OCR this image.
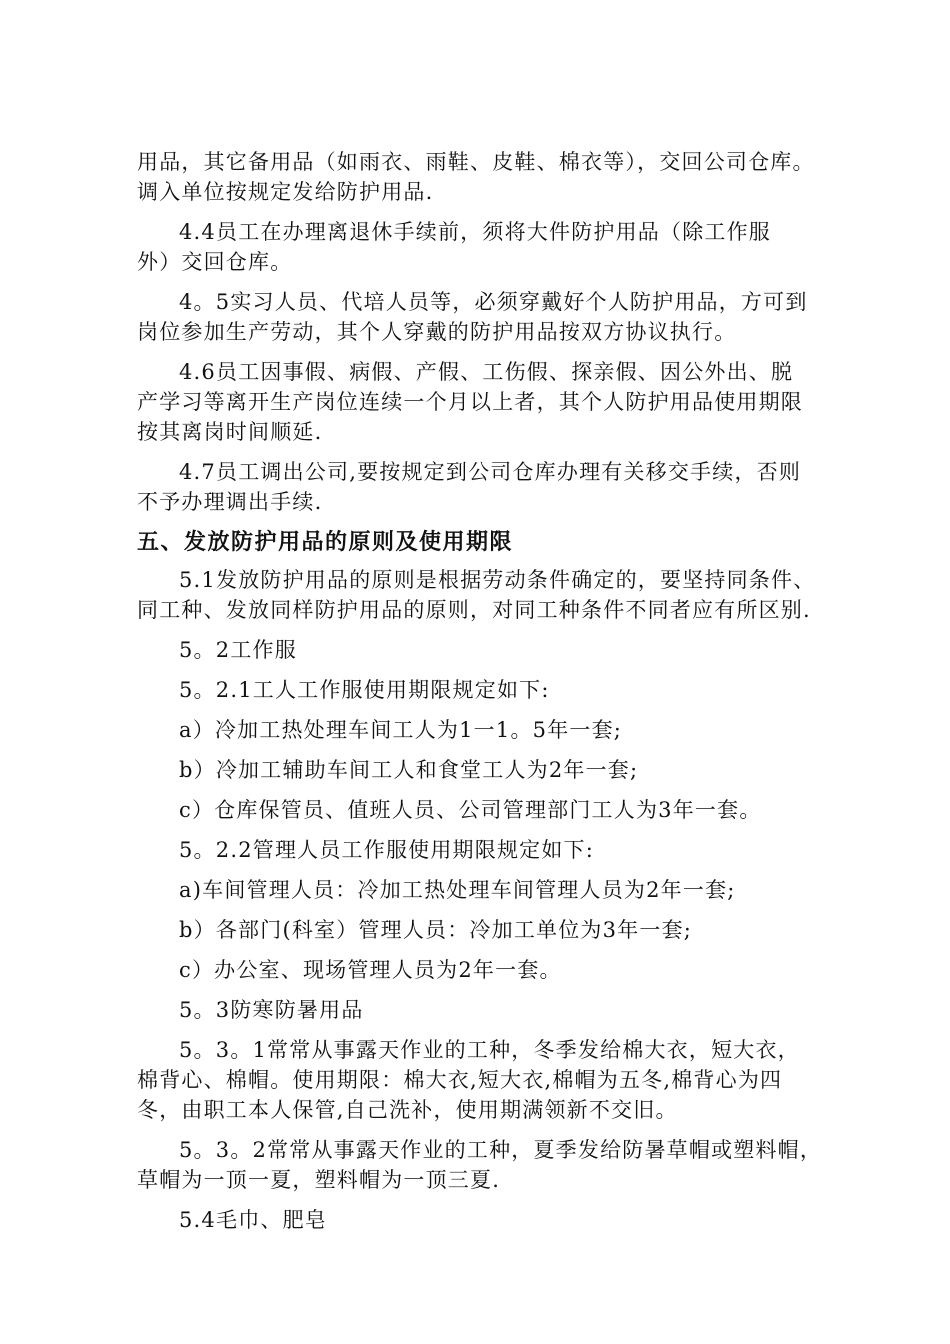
用品，其它备用品（如雨衣、雨鞋、皮鞋、棉衣等），交回公司仓库。
调入单位按规定发给防护用品.

4.4员工在办理离退休手续前，须将大件防护用品（除工作服
外）交回仓库。

4。5实习人员、代培人员等，必须穿戴好个人防护用品，方可到
岗位参加生产劳动，其个人穿戴的防护用品按双方协议执行。

4.6员工因事假、病假、产假、工伤假、探亲假、因公外出、脱
产学习等离开生产岗位连续一个月以上者，其个人防护用品使用期限
按其离岗时间顺延.

4.7员工调出公司,要按规定到公司仓库办理有关移交手续，否则
不予办理调出手续.

五、发放防护用品的原则及使用期限

5.1发放防护用品的原则是根据劳动条件确定的，要坚持同条件、
同工种、发放同样防护用品的原则，对同工种条件不同者应有所区别.

5。2工作服

5。2.1工人工作服使用期限规定如下:

a）冷加工热处理车间工人为1一1。5年一套;

b）冷加工辅助车间工人和食堂工人为2年一套;

c）仓库保管员、值班人员、公司管理部门工人为3年一套。

5。2.2管理人员工作服使用期限规定如下:

a)车间管理人员：冷加工热处理车间管理人员为2年一套;

b）各部门(科室）管理人员：冷加工单位为3年一套;

c）办公室、现场管理人员为2年一套。

5。3防寒防暑用品

5。3。1常常从事露天作业的工种，冬季发给棉大衣，短大衣，
棉背心、棉帽。使用期限：棉大衣,短大衣,棉帽为五冬,棉背心为四
冬，由职工本人保管,自己洗补，使用期满领新不交旧。

5。3。2常常从事露天作业的工种，夏季发给防暑草帽或塑料帽，
草帽为一顶一夏，塑料帽为一顶三夏.

5.4毛巾、肥皂
